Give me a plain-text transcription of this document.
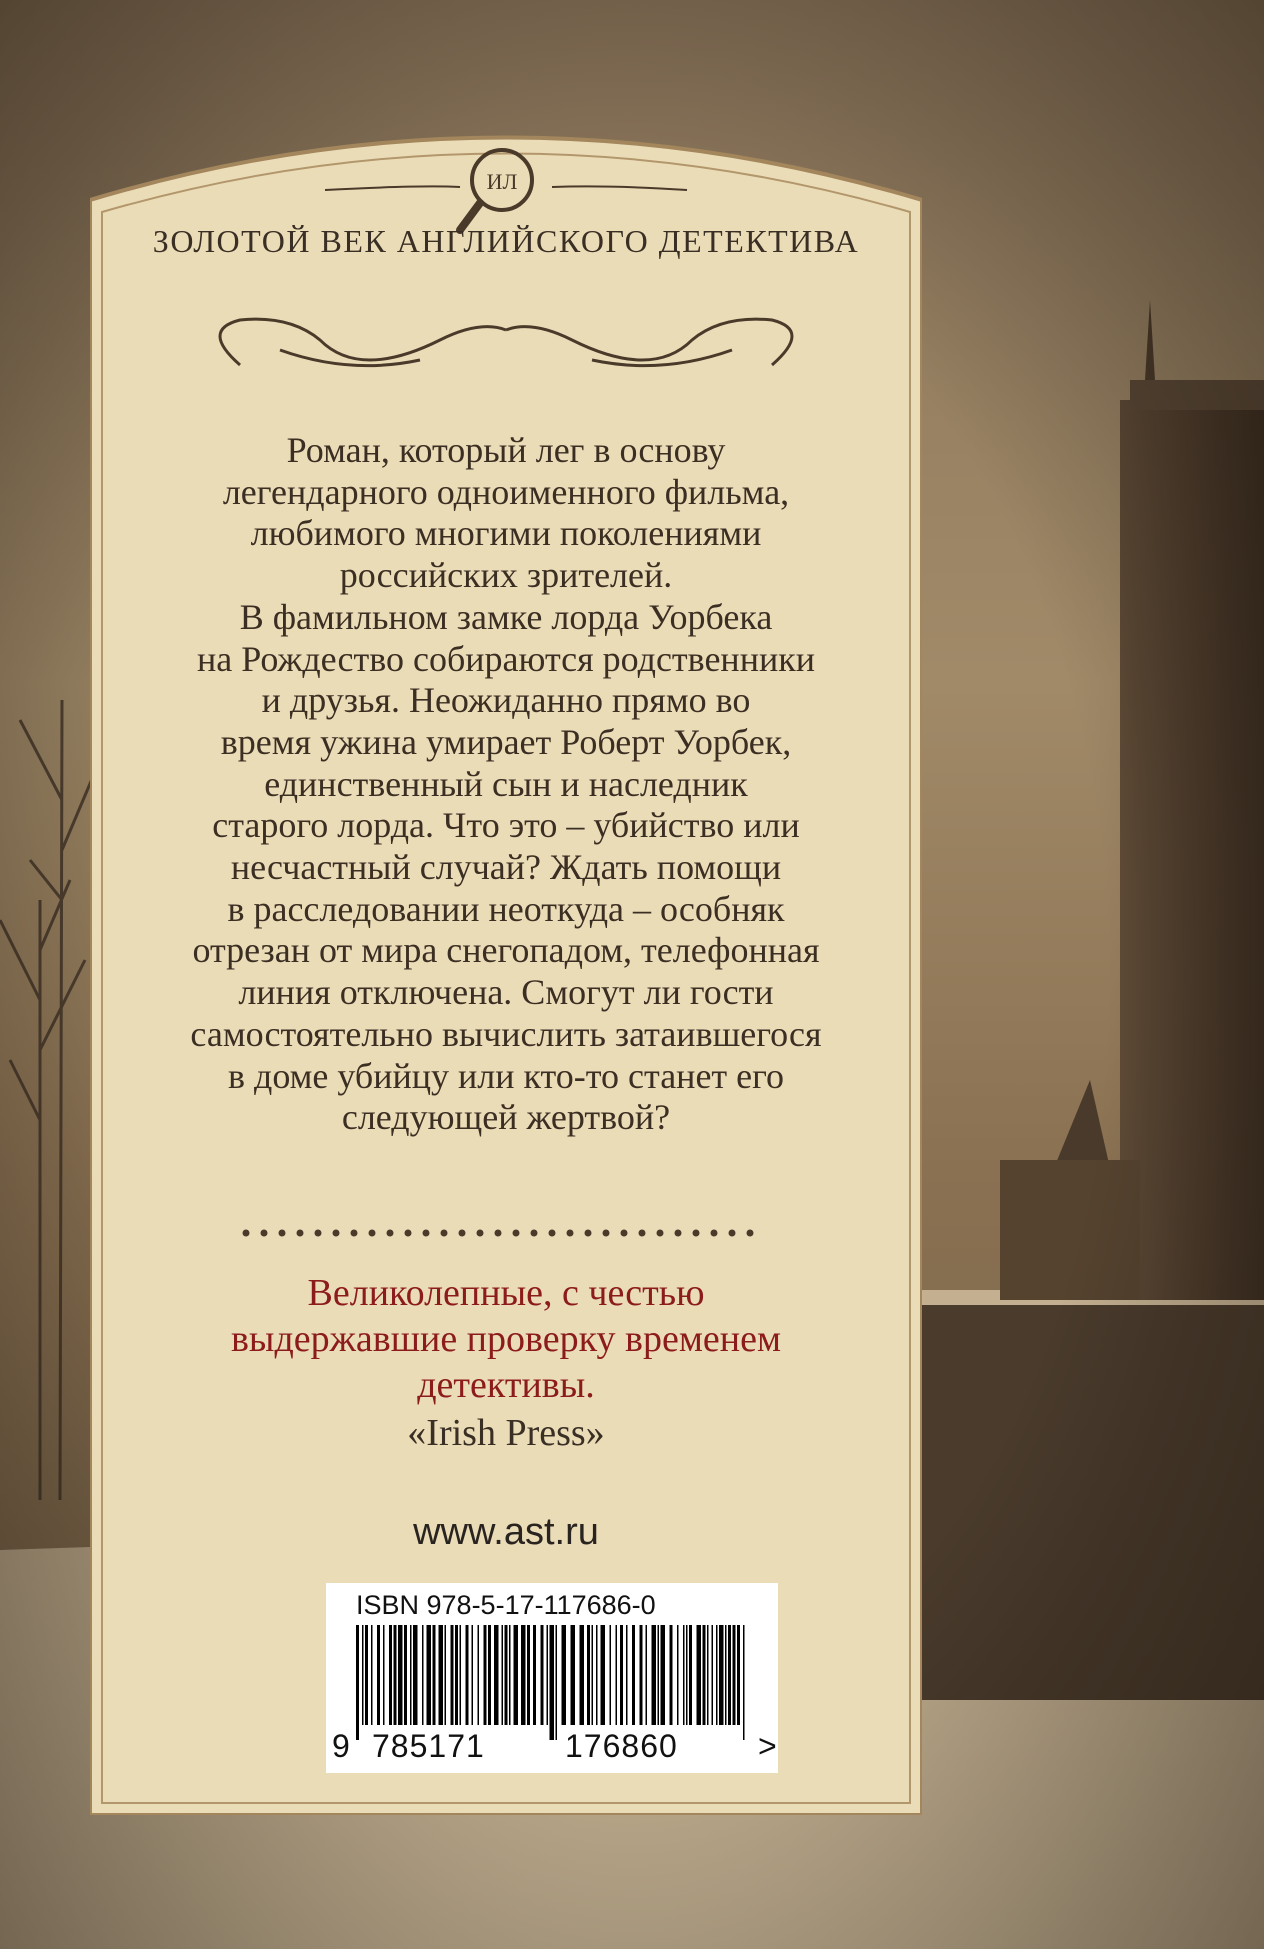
ИЛ
ЗОЛОТОЙ ВЕК АНГЛИЙСКОГО ДЕТЕКТИВА
Роман, который лег в основу
легендарного одноименного фильма,
любимого многими поколениями
российских зрителей.
В фамильном замке лорда Уорбека
на Рождество собираются родственники
и друзья. Неожиданно прямо во
время ужина умирает Роберт Уорбек,
единственный сын и наследник
старого лорда. Что это – убийство или
несчастный случай? Ждать помощи
в расследовании неоткуда – особняк
отрезан от мира снегопадом, телефонная
линия отключена. Смогут ли гости
самостоятельно вычислить затаившегося
в доме убийцу или кто-то станет его
следующей жертвой?
Великолепные, с честью
выдержавшие проверку временем
детективы.
«Irish Press»
www.ast.ru
ISBN 978-5-17-117686-0
9 785171	176860	>
